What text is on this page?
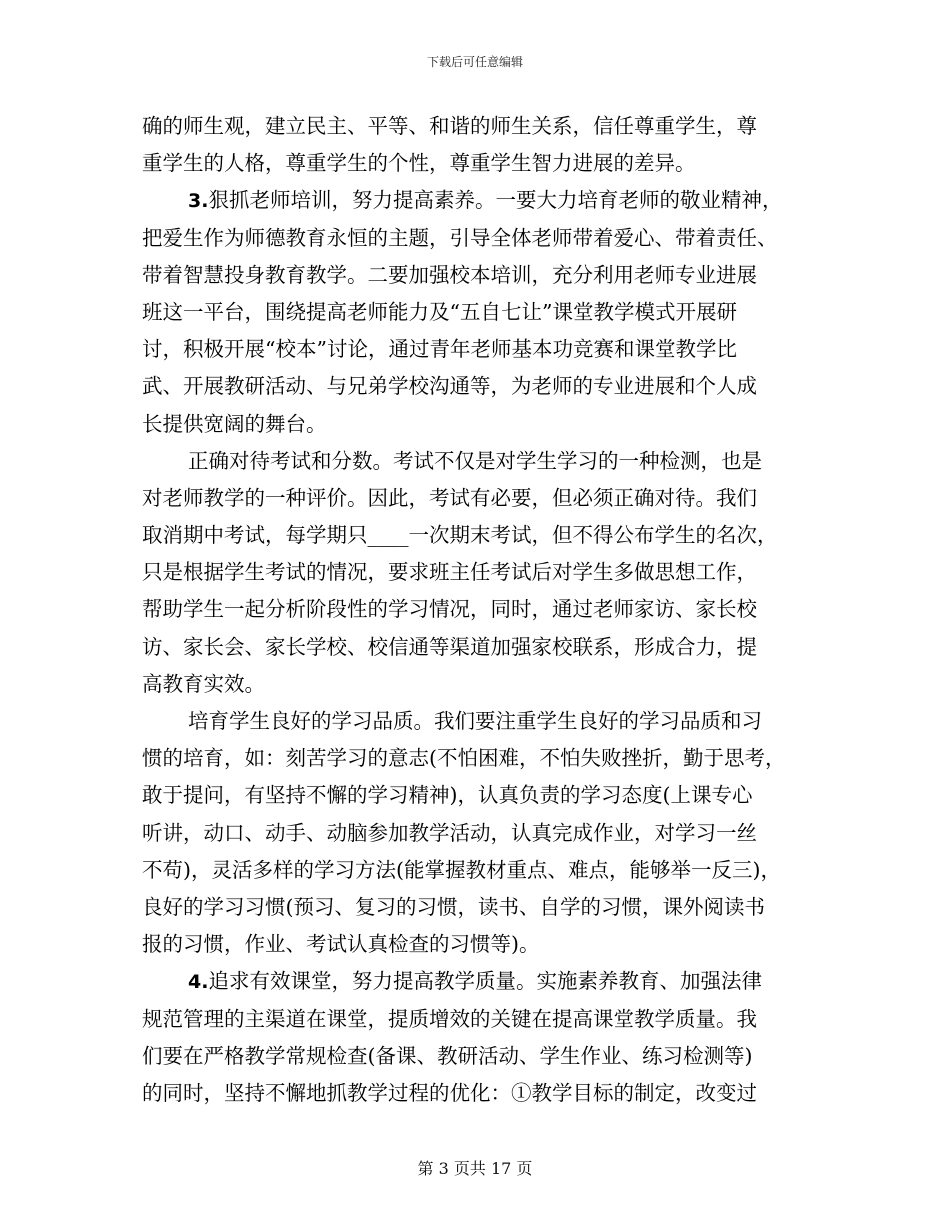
下载后可任意编辑
确的师生观，建立民主、平等、和谐的师生关系，信任尊重学生，尊
重学生的人格，尊重学生的个性，尊重学生智力进展的差异。
3.狠抓老师培训，努力提高素养。一要大力培育老师的敬业精神，
把爱生作为师德教育永恒的主题，引导全体老师带着爱心、带着责任、
带着智慧投身教育教学。二要加强校本培训，充分利用老师专业进展
班这一平台，围绕提高老师能力及“五自七让”课堂教学模式开展研
讨，积极开展“校本”讨论，通过青年老师基本功竞赛和课堂教学比
武、开展教研活动、与兄弟学校沟通等，为老师的专业进展和个人成
长提供宽阔的舞台。
正确对待考试和分数。考试不仅是对学生学习的一种检测，也是
对老师教学的一种评价。因此，考试有必要，但必须正确对待。我们
取消期中考试，每学期只____一次期末考试，但不得公布学生的名次，
只是根据学生考试的情况，要求班主任考试后对学生多做思想工作，
帮助学生一起分析阶段性的学习情况，同时，通过老师家访、家长校
访、家长会、家长学校、校信通等渠道加强家校联系，形成合力，提
高教育实效。
培育学生良好的学习品质。我们要注重学生良好的学习品质和习
惯的培育，如：刻苦学习的意志(不怕困难，不怕失败挫折，勤于思考，
敢于提问，有坚持不懈的学习精神)，认真负责的学习态度(上课专心
听讲，动口、动手、动脑参加教学活动，认真完成作业，对学习一丝
不苟)，灵活多样的学习方法(能掌握教材重点、难点，能够举一反三)，
良好的学习习惯(预习、复习的习惯，读书、自学的习惯，课外阅读书
报的习惯，作业、考试认真检查的习惯等)。
4.追求有效课堂，努力提高教学质量。实施素养教育、加强法律
规范管理的主渠道在课堂，提质增效的关键在提高课堂教学质量。我
们要在严格教学常规检查(备课、教研活动、学生作业、练习检测等)
的同时，坚持不懈地抓教学过程的优化：①教学目标的制定，改变过
第 3 页共 17 页
